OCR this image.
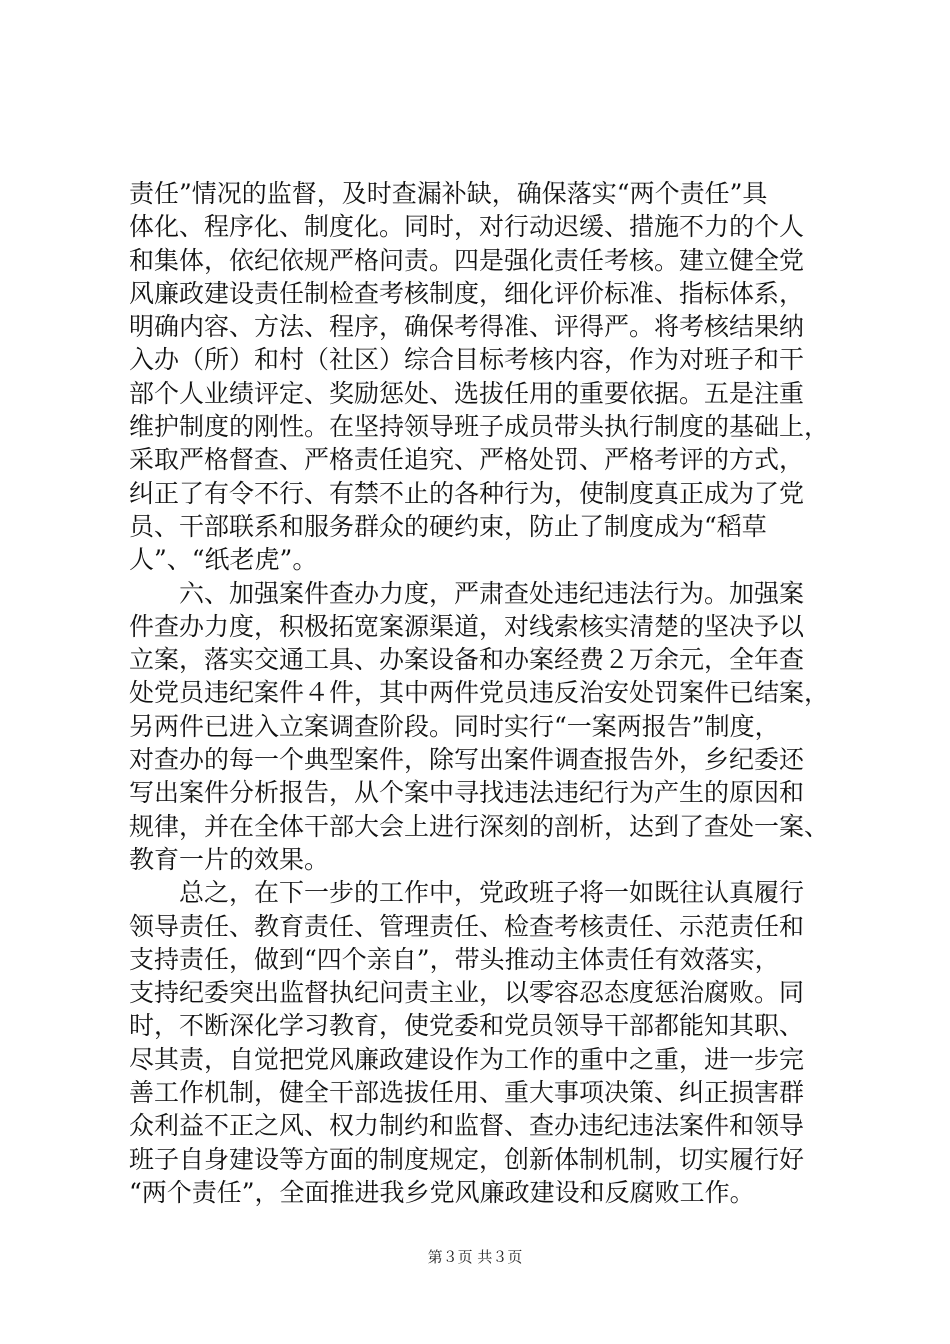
责任”情况的监督，及时查漏补缺，确保落实“两个责任”具
体化、程序化、制度化。同时，对行动迟缓、措施不力的个人
和集体，依纪依规严格问责。四是强化责任考核。建立健全党
风廉政建设责任制检查考核制度，细化评价标准、指标体系，
明确内容、方法、程序，确保考得准、评得严。将考核结果纳
入办（所）和村（社区）综合目标考核内容，作为对班子和干
部个人业绩评定、奖励惩处、选拔任用的重要依据。五是注重
维护制度的刚性。在坚持领导班子成员带头执行制度的基础上，
采取严格督查、严格责任追究、严格处罚、严格考评的方式，
纠正了有令不行、有禁不止的各种行为，使制度真正成为了党
员、干部联系和服务群众的硬约束，防止了制度成为“稻草
人”、“纸老虎”。
　　六、加强案件查办力度，严肃查处违纪违法行为。加强案
件查办力度，积极拓宽案源渠道，对线索核实清楚的坚决予以
立案，落实交通工具、办案设备和办案经费２万余元，全年查
处党员违纪案件４件，其中两件党员违反治安处罚案件已结案，
另两件已进入立案调查阶段。同时实行“一案两报告”制度，
对查办的每一个典型案件，除写出案件调查报告外，乡纪委还
写出案件分析报告，从个案中寻找违法违纪行为产生的原因和
规律，并在全体干部大会上进行深刻的剖析，达到了查处一案、
教育一片的效果。
　　总之，在下一步的工作中，党政班子将一如既往认真履行
领导责任、教育责任、管理责任、检查考核责任、示范责任和
支持责任，做到“四个亲自”，带头推动主体责任有效落实，
支持纪委突出监督执纪问责主业，以零容忍态度惩治腐败。同
时，不断深化学习教育，使党委和党员领导干部都能知其职、
尽其责，自觉把党风廉政建设作为工作的重中之重，进一步完
善工作机制，健全干部选拔任用、重大事项决策、纠正损害群
众利益不正之风、权力制约和监督、查办违纪违法案件和领导
班子自身建设等方面的制度规定，创新体制机制，切实履行好
“两个责任”，全面推进我乡党风廉政建设和反腐败工作。
第３页 共３页
